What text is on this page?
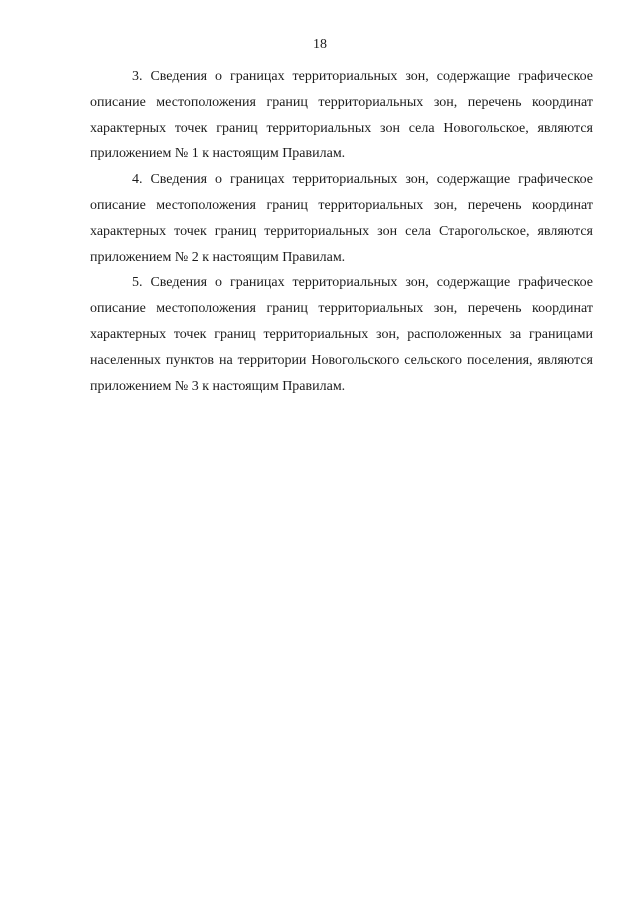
18

3. Сведения о границах территориальных зон, содержащие графическое описание местоположения границ территориальных зон, перечень координат характерных точек границ территориальных зон села Новогольское, являются приложением № 1 к настоящим Правилам.

4. Сведения о границах территориальных зон, содержащие графическое описание местоположения границ территориальных зон, перечень координат характерных точек границ территориальных зон села Старогольское, являются приложением № 2 к настоящим Правилам.

5. Сведения о границах территориальных зон, содержащие графическое описание местоположения границ территориальных зон, перечень координат характерных точек границ территориальных зон, расположенных за границами населенных пунктов на территории Новогольского сельского поселения, являются приложением № 3 к настоящим Правилам.
